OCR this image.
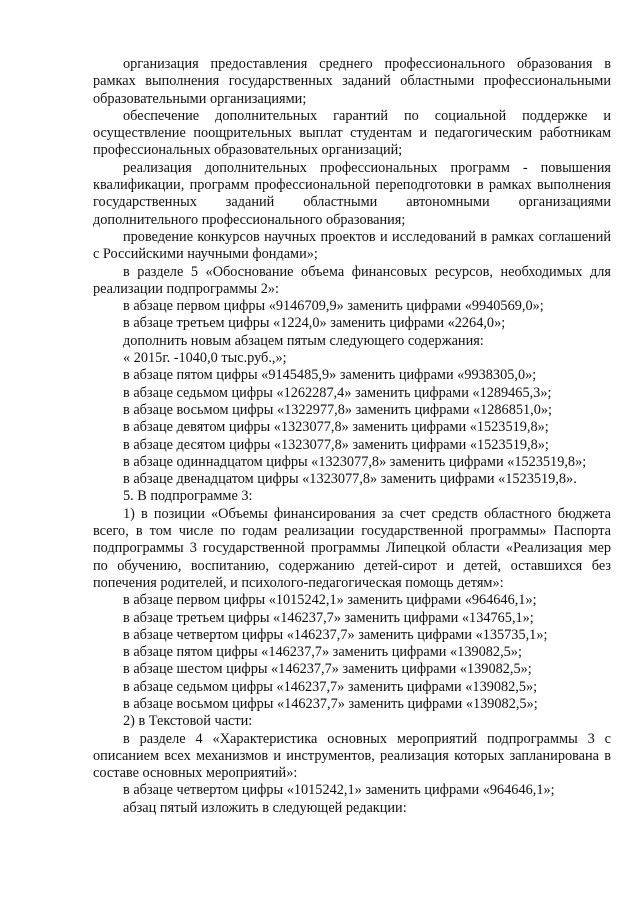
организация предоставления среднего профессионального образования в рамках выполнения государственных заданий областными профессиональными образовательными организациями;

обеспечение дополнительных гарантий по социальной поддержке и осуществление поощрительных выплат студентам и педагогическим работникам профессиональных образовательных организаций;

реализация дополнительных профессиональных программ - повышения квалификации, программ профессиональной переподготовки в рамках выполнения государственных заданий областными автономными организациями дополнительного профессионального образования;

проведение конкурсов научных проектов и исследований в рамках соглашений с Российскими научными фондами»;

в разделе 5 «Обоснование объема финансовых ресурсов, необходимых для реализации подпрограммы 2»:

в абзаце первом цифры «9146709,9» заменить цифрами «9940569,0»;

в абзаце третьем цифры «1224,0» заменить цифрами «2264,0»;

дополнить новым абзацем пятым следующего содержания:

« 2015г. -1040,0 тыс.руб.,»;

в абзаце пятом цифры «9145485,9» заменить цифрами «9938305,0»;

в абзаце седьмом цифры «1262287,4» заменить цифрами «1289465,3»;

в абзаце восьмом цифры «1322977,8» заменить цифрами «1286851,0»;

в абзаце девятом цифры «1323077,8» заменить цифрами «1523519,8»;

в абзаце десятом цифры «1323077,8» заменить цифрами «1523519,8»;

в абзаце одиннадцатом цифры «1323077,8» заменить цифрами «1523519,8»;

в абзаце двенадцатом цифры «1323077,8» заменить цифрами «1523519,8».

5. В подпрограмме 3:

1) в позиции «Объемы финансирования за счет средств областного бюджета всего, в том числе по годам реализации государственной программы» Паспорта подпрограммы 3 государственной программы Липецкой области «Реализация мер по обучению, воспитанию, содержанию детей-сирот и детей, оставшихся без попечения родителей, и психолого-педагогическая помощь детям»:

в абзаце первом цифры «1015242,1» заменить цифрами «964646,1»;

в абзаце третьем цифры «146237,7» заменить цифрами «134765,1»;

в абзаце четвертом цифры «146237,7» заменить цифрами «135735,1»;

в абзаце пятом цифры «146237,7» заменить цифрами «139082,5»;

в абзаце шестом цифры «146237,7» заменить цифрами «139082,5»;

в абзаце седьмом цифры «146237,7» заменить цифрами «139082,5»;

в абзаце восьмом цифры «146237,7» заменить цифрами «139082,5»;

2) в Текстовой части:

в разделе 4 «Характеристика основных мероприятий подпрограммы 3 с описанием всех механизмов и инструментов, реализация которых запланирована в составе основных мероприятий»:

в абзаце четвертом цифры «1015242,1» заменить цифрами «964646,1»;

абзац пятый изложить в следующей редакции:
